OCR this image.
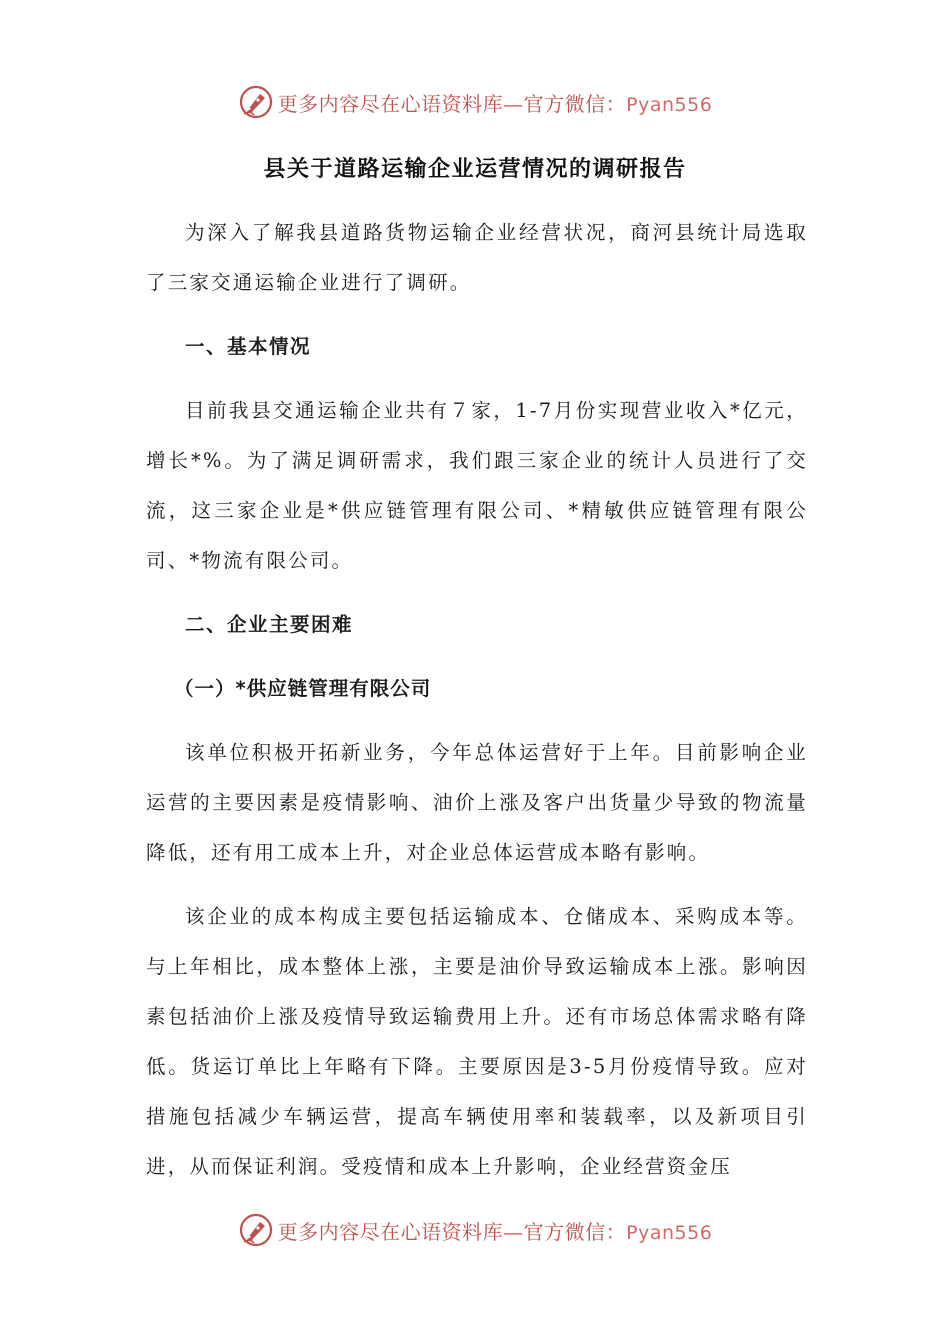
更多内容尽在心语资料库—官方微信：Pyan556
县关于道路运输企业运营情况的调研报告

为深入了解我县道路货物运输企业经营状况，商河县统计局选取了三家交通运输企业进行了调研。

一、基本情况

目前我县交通运输企业共有７家，1-7月份实现营业收入*亿元，增长*%。为了满足调研需求，我们跟三家企业的统计人员进行了交流，这三家企业是*供应链管理有限公司、*精敏供应链管理有限公司、*物流有限公司。

二、企业主要困难

（一）*供应链管理有限公司

该单位积极开拓新业务，今年总体运营好于上年。目前影响企业运营的主要因素是疫情影响、油价上涨及客户出货量少导致的物流量降低，还有用工成本上升，对企业总体运营成本略有影响。

该企业的成本构成主要包括运输成本、仓储成本、采购成本等。与上年相比，成本整体上涨，主要是油价导致运输成本上涨。影响因素包括油价上涨及疫情导致运输费用上升。还有市场总体需求略有降低。货运订单比上年略有下降。主要原因是3-5月份疫情导致。应对措施包括减少车辆运营，提高车辆使用率和装载率，以及新项目引进，从而保证利润。受疫情和成本上升影响，企业经营资金压

更多内容尽在心语资料库—官方微信：Pyan556
